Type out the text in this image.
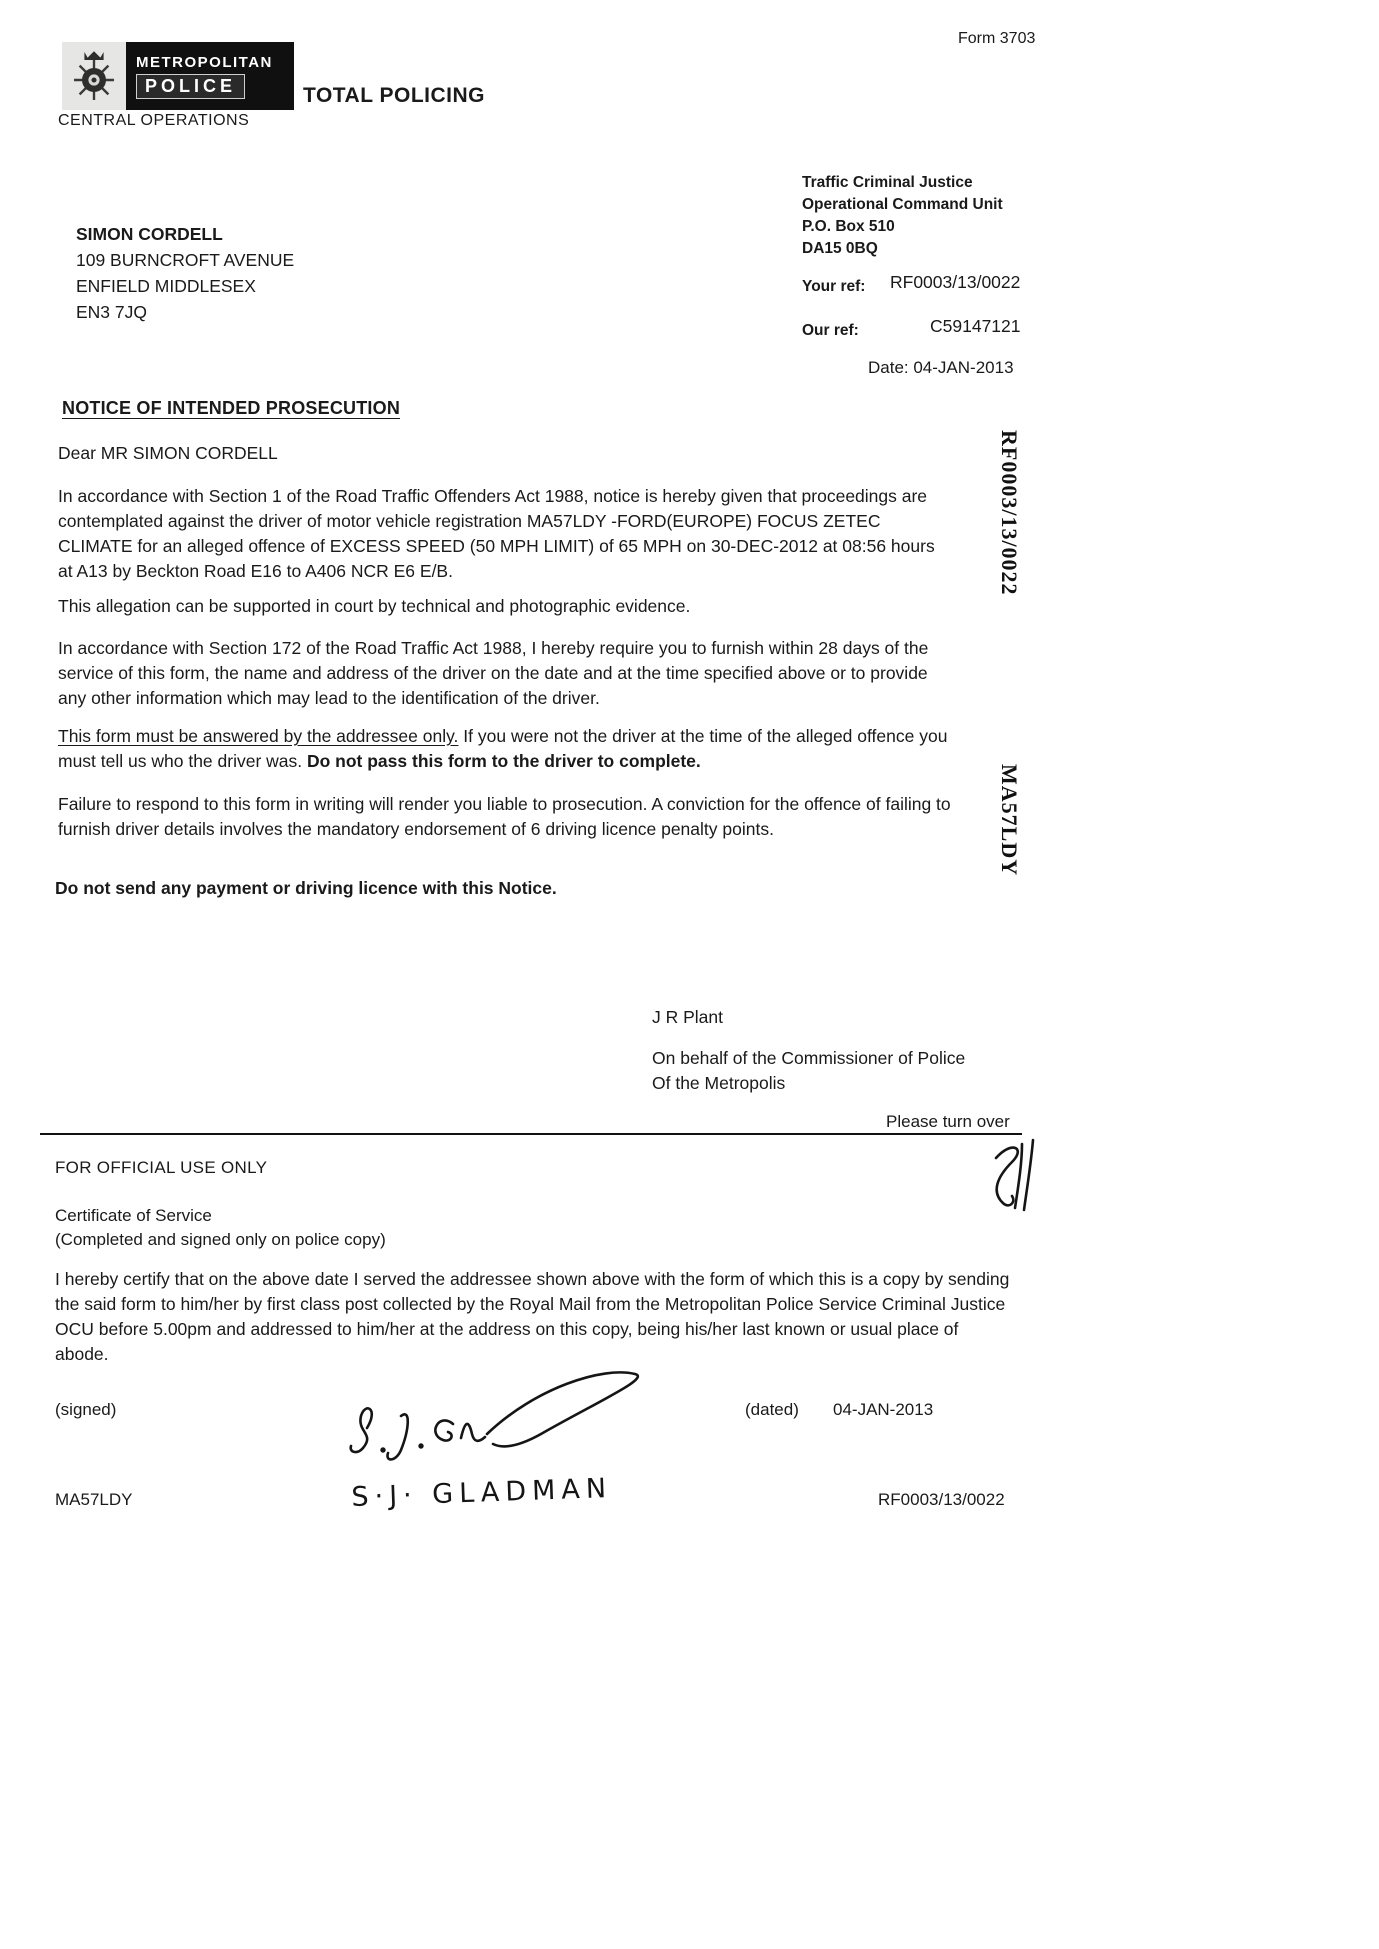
Form 3703
METROPOLITAN
POLICE	TOTAL POLICING
CENTRAL OPERATIONS
SIMON CORDELL
109 BURNCROFT AVENUE
ENFIELD MIDDLESEX
EN3 7JQ
Traffic Criminal Justice
Operational Command Unit
P.O. Box 510
DA15 0BQ
Your ref: RF0003/13/0022
Our ref:	C59147121
Date: 04-JAN-2013
NOTICE OF INTENDED PROSECUTION
Dear MR SIMON CORDELL
In accordance with Section 1 of the Road Traffic Offenders Act 1988, notice is hereby given that proceedings are contemplated against the driver of motor vehicle registration MA57LDY -FORD(EUROPE) FOCUS ZETEC CLIMATE for an alleged offence of EXCESS SPEED (50 MPH LIMIT) of 65 MPH on 30-DEC-2012 at 08:56 hours at A13 by Beckton Road E16 to A406 NCR E6 E/B.
This allegation can be supported in court by technical and photographic evidence.
In accordance with Section 172 of the Road Traffic Act 1988, I hereby require you to furnish within 28 days of the service of this form, the name and address of the driver on the date and at the time specified above or to provide any other information which may lead to the identification of the driver.
This form must be answered by the addressee only. If you were not the driver at the time of the alleged offence you must tell us who the driver was. Do not pass this form to the driver to complete.
Failure to respond to this form in writing will render you liable to prosecution. A conviction for the offence of failing to furnish driver details involves the mandatory endorsement of 6 driving licence penalty points.
Do not send any payment or driving licence with this Notice.
J R Plant
On behalf of the Commissioner of Police
Of the Metropolis
Please turn over
FOR OFFICIAL USE ONLY
Certificate of Service
(Completed and signed only on police copy)
I hereby certify that on the above date I served the addressee shown above with the form of which this is a copy by sending the said form to him/her by first class post collected by the Royal Mail from the Metropolitan Police Service Criminal Justice OCU before 5.00pm and addressed to him/her at the address on this copy, being his/her last known or usual place of abode.
(signed)	(dated) 04-JAN-2013
S·J· GLADMAN
MA57LDY	RF0003/13/0022
RF0003/13/0022
MA57LDY
